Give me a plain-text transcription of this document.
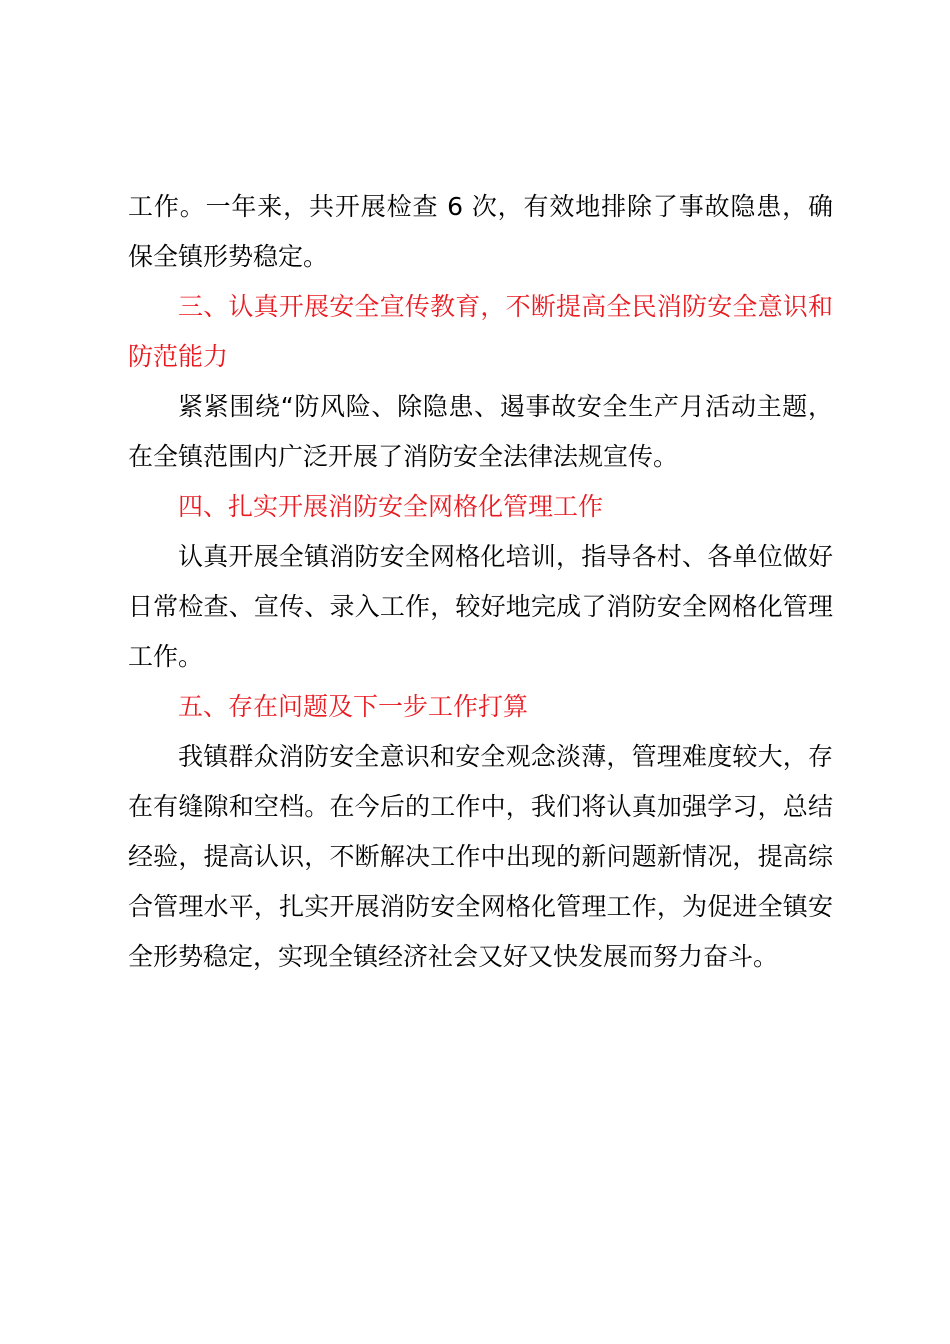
工作。一年来，共开展检查 6 次，有效地排除了事故隐患，确保全镇形势稳定。

三、认真开展安全宣传教育，不断提高全民消防安全意识和防范能力

紧紧围绕“防风险、除隐患、遏事故安全生产月活动主题，在全镇范围内广泛开展了消防安全法律法规宣传。

四、扎实开展消防安全网格化管理工作

认真开展全镇消防安全网格化培训，指导各村、各单位做好日常检查、宣传、录入工作，较好地完成了消防安全网格化管理工作。

五、存在问题及下一步工作打算

我镇群众消防安全意识和安全观念淡薄，管理难度较大，存在有缝隙和空档。在今后的工作中，我们将认真加强学习，总结经验，提高认识，不断解决工作中出现的新问题新情况，提高综合管理水平，扎实开展消防安全网格化管理工作，为促进全镇安全形势稳定，实现全镇经济社会又好又快发展而努力奋斗。
